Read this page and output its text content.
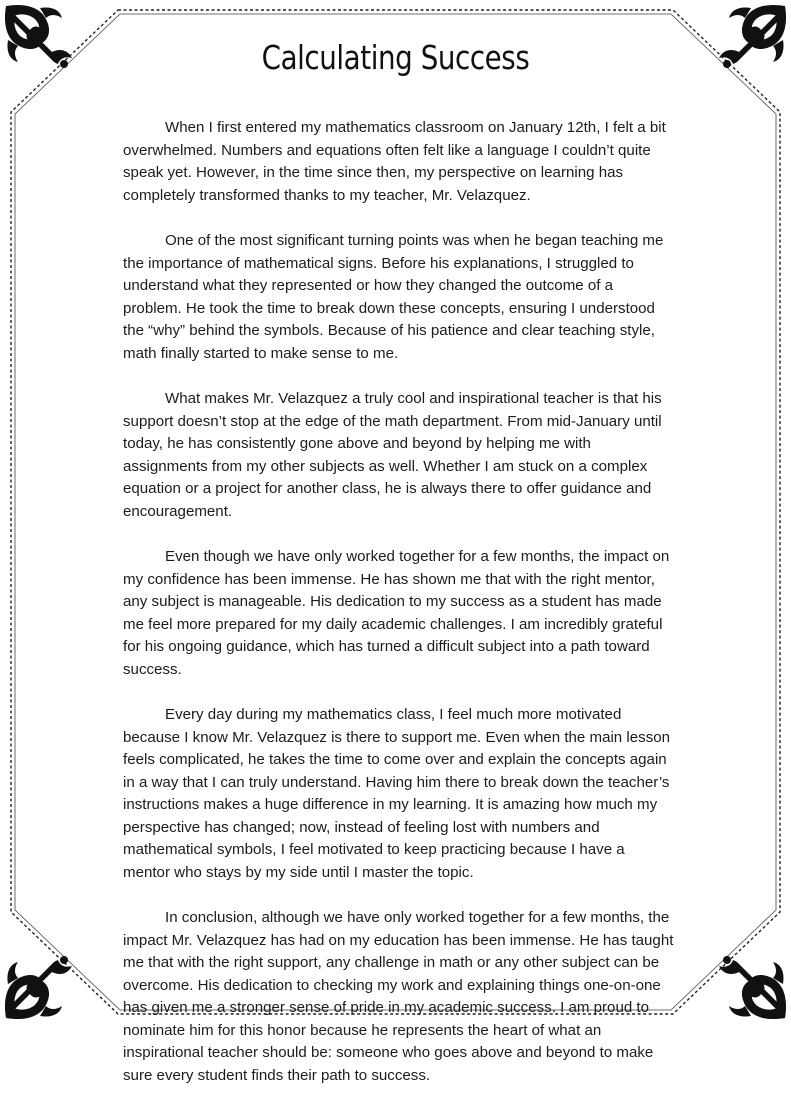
Calculating Success

When I first entered my mathematics classroom on January 12th, I felt a bit overwhelmed. Numbers and equations often felt like a language I couldn’t quite speak yet. However, in the time since then, my perspective on learning has completely transformed thanks to my teacher, Mr. Velazquez.

One of the most significant turning points was when he began teaching me the importance of mathematical signs. Before his explanations, I struggled to understand what they represented or how they changed the outcome of a problem. He took the time to break down these concepts, ensuring I understood the “why” behind the symbols. Because of his patience and clear teaching style, math finally started to make sense to me.

What makes Mr. Velazquez a truly cool and inspirational teacher is that his support doesn’t stop at the edge of the math department. From mid-January until today, he has consistently gone above and beyond by helping me with assignments from my other subjects as well. Whether I am stuck on a complex equation or a project for another class, he is always there to offer guidance and encouragement.

Even though we have only worked together for a few months, the impact on my confidence has been immense. He has shown me that with the right mentor, any subject is manageable. His dedication to my success as a student has made me feel more prepared for my daily academic challenges. I am incredibly grateful for his ongoing guidance, which has turned a difficult subject into a path toward success.

Every day during my mathematics class, I feel much more motivated because I know Mr. Velazquez is there to support me. Even when the main lesson feels complicated, he takes the time to come over and explain the concepts again in a way that I can truly understand. Having him there to break down the teacher’s instructions makes a huge difference in my learning. It is amazing how much my perspective has changed; now, instead of feeling lost with numbers and mathematical symbols, I feel motivated to keep practicing because I have a mentor who stays by my side until I master the topic.

In conclusion, although we have only worked together for a few months, the impact Mr. Velazquez has had on my education has been immense. He has taught me that with the right support, any challenge in math or any other subject can be overcome. His dedication to checking my work and explaining things one-on-one has given me a stronger sense of pride in my academic success. I am proud to nominate him for this honor because he represents the heart of what an inspirational teacher should be: someone who goes above and beyond to make sure every student finds their path to success.
